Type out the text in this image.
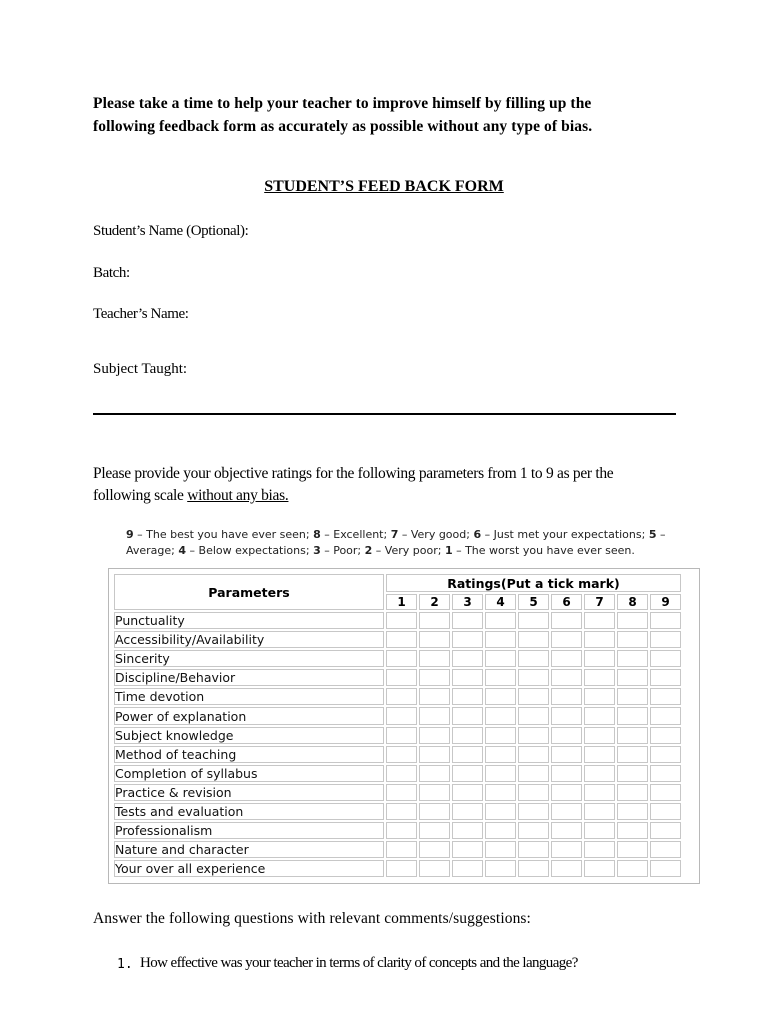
Please take a time to help your teacher to improve himself by filling up the
following feedback form as accurately as possible without any type of bias.
STUDENT’S FEED BACK FORM
Student’s Name (Optional):
Batch:
Teacher’s Name:
Subject Taught:
Please provide your objective ratings for the following parameters from 1 to 9 as per the
following scale without any bias.
9 – The best you have ever seen; 8 – Excellent; 7 – Very good; 6 – Just met your expectations; 5 –
Average; 4 – Below expectations; 3 – Poor; 2 – Very poor; 1 – The worst you have ever seen.
Parameters	Ratings(Put a tick mark)								
	1	2	3	4	5	6	7	8	9
Punctuality									
Accessibility/Availability									
Sincerity									
Discipline/Behavior									
Time devotion									
Power of explanation									
Subject knowledge									
Method of teaching									
Completion of syllabus									
Practice & revision									
Tests and evaluation									
Professionalism									
Nature and character									
Your over all experience									
Answer the following questions with relevant comments/suggestions:
1. How effective was your teacher in terms of clarity of concepts and the language?
